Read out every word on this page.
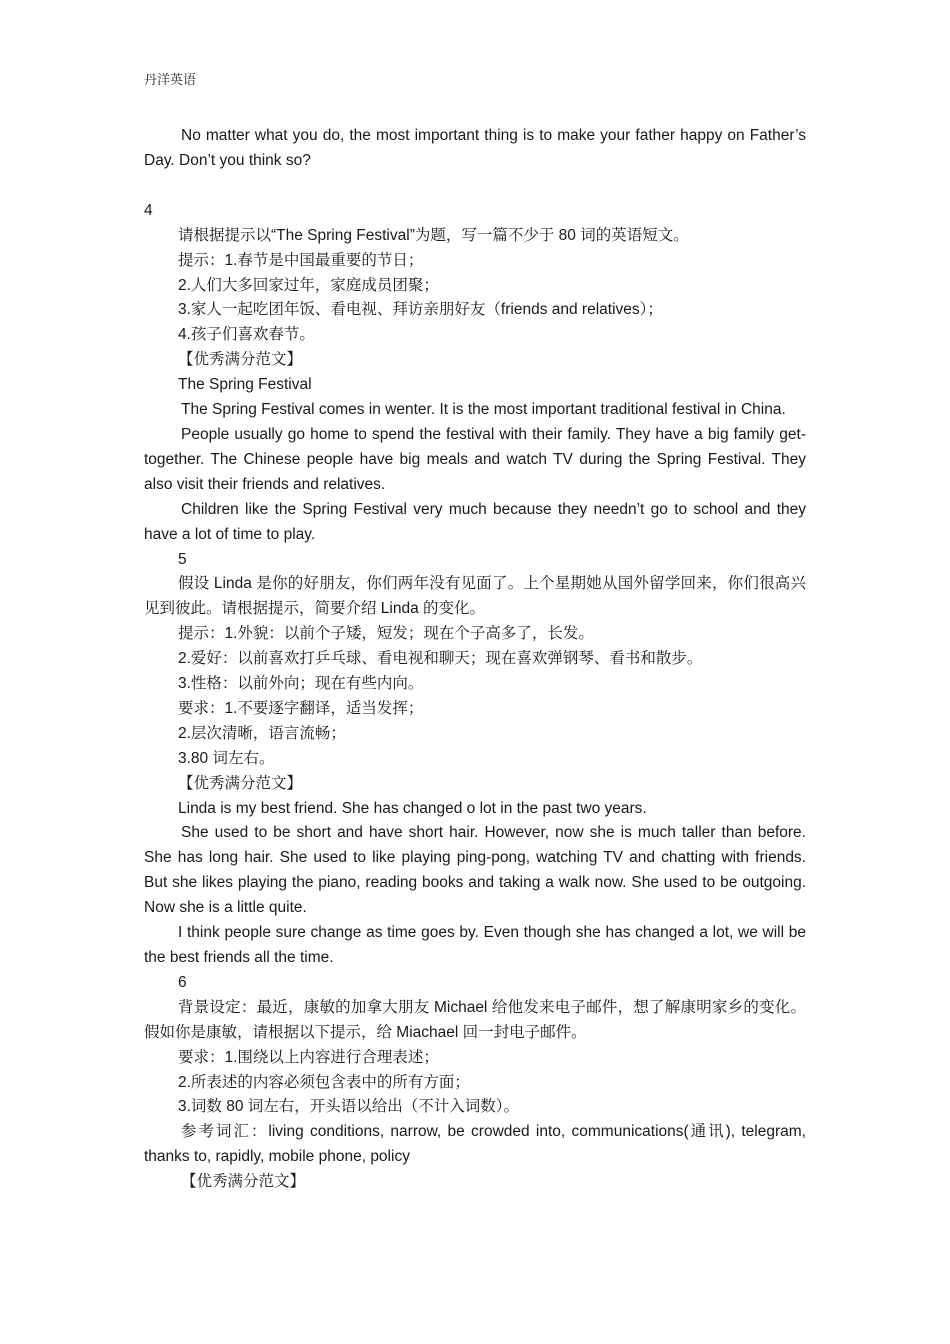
丹洋英语

No matter what you do, the most important thing is to make your father happy on Father’s Day. Don’t you think so?

4

请根据提示以“The Spring Festival”为题，写一篇不少于 80 词的英语短文。

提示：1.春节是中国最重要的节日；

2.人们大多回家过年，家庭成员团聚；

3.家人一起吃团年饭、看电视、拜访亲朋好友（friends and relatives）；

4.孩子们喜欢春节。

【优秀满分范文】

The Spring Festival

The Spring Festival comes in wenter. It is the most important traditional festival in China.

People usually go home to spend the festival with their family. They have a big family get-together. The Chinese people have big meals and watch TV during the Spring Festival. They also visit their friends and relatives.

Children like the Spring Festival very much because they needn’t go to school and they have a lot of time to play.

5

假设 Linda 是你的好朋友，你们两年没有见面了。上个星期她从国外留学回来，你们很高兴见到彼此。请根据提示，简要介绍 Linda 的变化。

提示：1.外貌：以前个子矮，短发；现在个子高多了，长发。

2.爱好：以前喜欢打乒乓球、看电视和聊天；现在喜欢弹钢琴、看书和散步。

3.性格：以前外向；现在有些内向。

要求：1.不要逐字翻译，适当发挥；

2.层次清晰，语言流畅；

3.80 词左右。

【优秀满分范文】

Linda is my best friend. She has changed o lot in the past two years.

She used to be short and have short hair. However, now she is much taller than before. She has long hair. She used to like playing ping-pong, watching TV and chatting with friends. But she likes playing the piano, reading books and taking a walk now. She used to be outgoing. Now she is a little quite.

I think people sure change as time goes by. Even though she has changed a lot, we will be the best friends all the time.

6

背景设定：最近，康敏的加拿大朋友 Michael 给他发来电子邮件，想了解康明家乡的变化。假如你是康敏，请根据以下提示，给 Miachael 回一封电子邮件。

要求：1.围绕以上内容进行合理表述；

2.所表述的内容必须包含表中的所有方面；

3.词数 80 词左右，开头语以给出（不计入词数）。

参考词汇：living conditions, narrow, be crowded into, communications(通讯), telegram, thanks to, rapidly, mobile phone, policy

【优秀满分范文】
